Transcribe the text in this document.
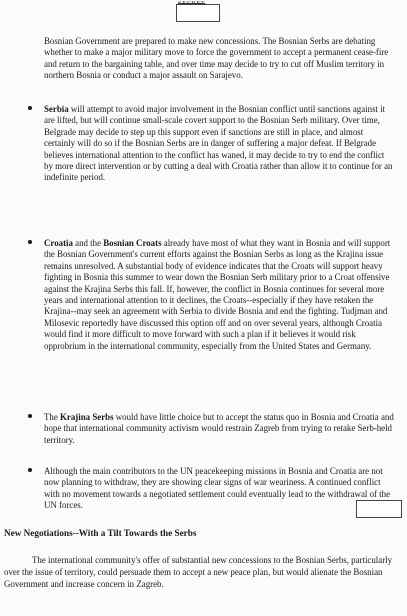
Bosnian Government are prepared to make new concessions. The Bosnian Serbs are debating whether to make a major military move to force the government to accept a permanent cease-fire and return to the bargaining table, and over time may decide to try to cut off Muslim territory in northern Bosnia or conduct a major assault on Sarajevo.

Serbia will attempt to avoid major involvement in the Bosnian conflict until sanctions against it are lifted, but will continue small-scale covert support to the Bosnian Serb military. Over time, Belgrade may decide to step up this support even if sanctions are still in place, and almost certainly will do so if the Bosnian Serbs are in danger of suffering a major defeat. If Belgrade believes international attention to the conflict has waned, it may decide to try to end the conflict by more direct intervention or by cutting a deal with Croatia rather than allow it to continue for an indefinite period.

Croatia and the Bosnian Croats already have most of what they want in Bosnia and will support the Bosnian Government's current efforts against the Bosnian Serbs as long as the Krajina issue remains unresolved. A substantial body of evidence indicates that the Croats will support heavy fighting in Bosnia this summer to wear down the Bosnian Serb military prior to a Croat offensive against the Krajina Serbs this fall. If, however, the conflict in Bosnia continues for several more years and international attention to it declines, the Croats--especially if they have retaken the Krajina--may seek an agreement with Serbia to divide Bosnia and end the fighting. Tudjman and Milosevic reportedly have discussed this option off and on over several years, although Croatia would find it more difficult to move forward with such a plan if it believes it would risk opprobrium in the international community, especially from the United States and Germany.

The Krajina Serbs would have little choice but to accept the status quo in Bosnia and Croatia and hope that international community activism would restrain Zagreb from trying to retake Serb-held territory.

Although the main contributors to the UN peacekeeping missions in Bosnia and Croatia are not now planning to withdraw, they are showing clear signs of war weariness. A continued conflict with no movement towards a negotiated settlement could eventually lead to the withdrawal of the UN forces.

New Negotiations--With a Tilt Towards the Serbs

The international community's offer of substantial new concessions to the Bosnian Serbs, particularly over the issue of territory, could persuade them to accept a new peace plan, but would alienate the Bosnian Government and increase concern in Zagreb.
